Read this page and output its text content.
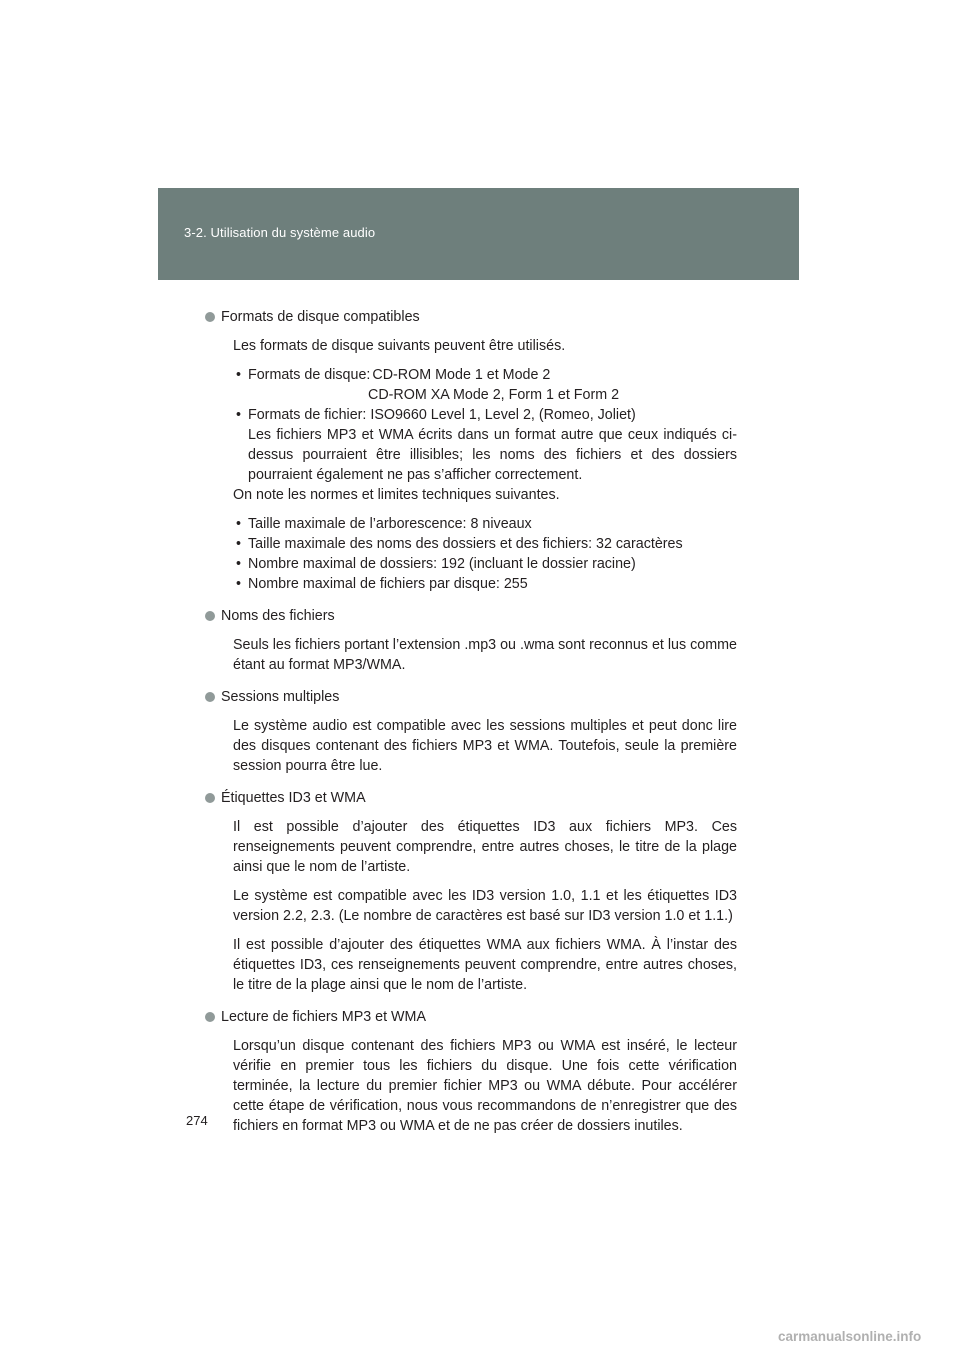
3-2. Utilisation du système audio
Formats de disque compatibles

Les formats de disque suivants peuvent être utilisés.

• Formats de disque: CD-ROM Mode 1 et Mode 2
CD-ROM XA Mode 2, Form 1 et Form 2
• Formats de fichier: ISO9660 Level 1, Level 2, (Romeo, Joliet)

Les fichiers MP3 et WMA écrits dans un format autre que ceux indiqués ci-dessus pourraient être illisibles; les noms des fichiers et des dossiers pourraient également ne pas s’afficher correctement.

On note les normes et limites techniques suivantes.

• Taille maximale de l’arborescence: 8 niveaux
• Taille maximale des noms des dossiers et des fichiers: 32 caractères
• Nombre maximal de dossiers: 192 (incluant le dossier racine)
• Nombre maximal de fichiers par disque: 255
Noms des fichiers

Seuls les fichiers portant l’extension .mp3 ou .wma sont reconnus et lus comme étant au format MP3/WMA.

Sessions multiples

Le système audio est compatible avec les sessions multiples et peut donc lire des disques contenant des fichiers MP3 et WMA. Toutefois, seule la première session pourra être lue.

Étiquettes ID3 et WMA

Il est possible d’ajouter des étiquettes ID3 aux fichiers MP3. Ces renseignements peuvent comprendre, entre autres choses, le titre de la plage ainsi que le nom de l’artiste.

Le système est compatible avec les ID3 version 1.0, 1.1 et les étiquettes ID3 version 2.2, 2.3. (Le nombre de caractères est basé sur ID3 version 1.0 et 1.1.)

Il est possible d’ajouter des étiquettes WMA aux fichiers WMA. À l’instar des étiquettes ID3, ces renseignements peuvent comprendre, entre autres choses, le titre de la plage ainsi que le nom de l’artiste.

Lecture de fichiers MP3 et WMA

Lorsqu’un disque contenant des fichiers MP3 ou WMA est inséré, le lecteur vérifie en premier tous les fichiers du disque. Une fois cette vérification terminée, la lecture du premier fichier MP3 ou WMA débute. Pour accélérer cette étape de vérification, nous vous recommandons de n’enregistrer que des fichiers en format MP3 ou WMA et de ne pas créer de dossiers inutiles.

274
carmanualsonline.info
